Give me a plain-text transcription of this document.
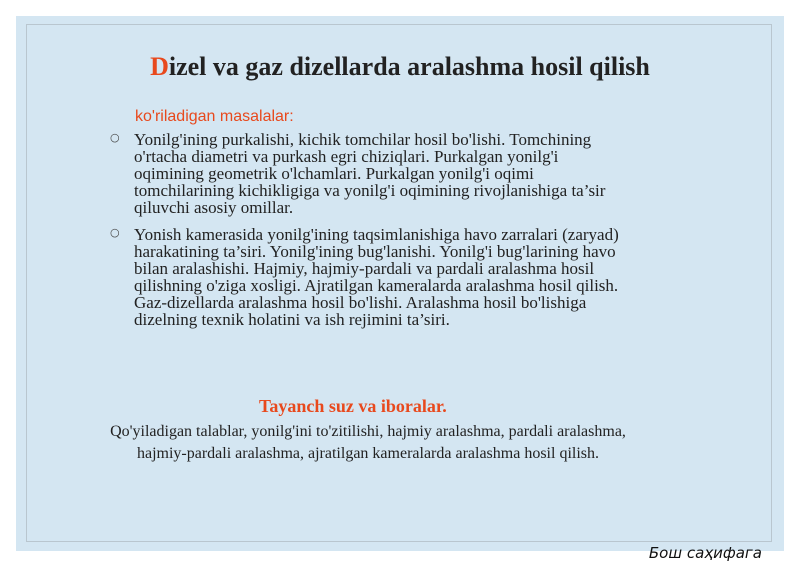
Dizel va gaz dizellarda aralashma hosil qilish
ko'riladigan masalalar:
○ Yonilg'ining purkalishi, kichik tomchilar hosil bo'lishi. Tomchining o'rtacha diametri va purkash egri chiziqlari. Purkalgan yonilg'i oqimining geometrik o'lchamlari. Purkalgan yonilg'i oqimi tomchilarining kichikligiga va yonilg'i oqimining rivojlanishiga ta’sir qiluvchi asosiy omillar.
○ Yonish kamerasida yonilg'ining taqsimlanishiga havo zarralari (zaryad) harakatining ta’siri. Yonilg'ining bug'lanishi. Yonilg'i bug'larining havo bilan aralashishi. Hajmiy, hajmiy-pardali va pardali aralashma hosil qilishning o'ziga xosligi. Ajratilgan kameralarda aralashma hosil qilish. Gaz-dizellarda aralashma hosil bo'lishi. Aralashma hosil bo'lishiga dizelning texnik holatini va ish rejimini ta’siri.
Tayanch suz va iboralar.
Qo'yiladigan talablar, yonilg'ini to'zitilishi, hajmiy aralashma, pardali aralashma, hajmiy-pardali aralashma, ajratilgan kameralarda aralashma hosil qilish.
Бoш саҳифага
